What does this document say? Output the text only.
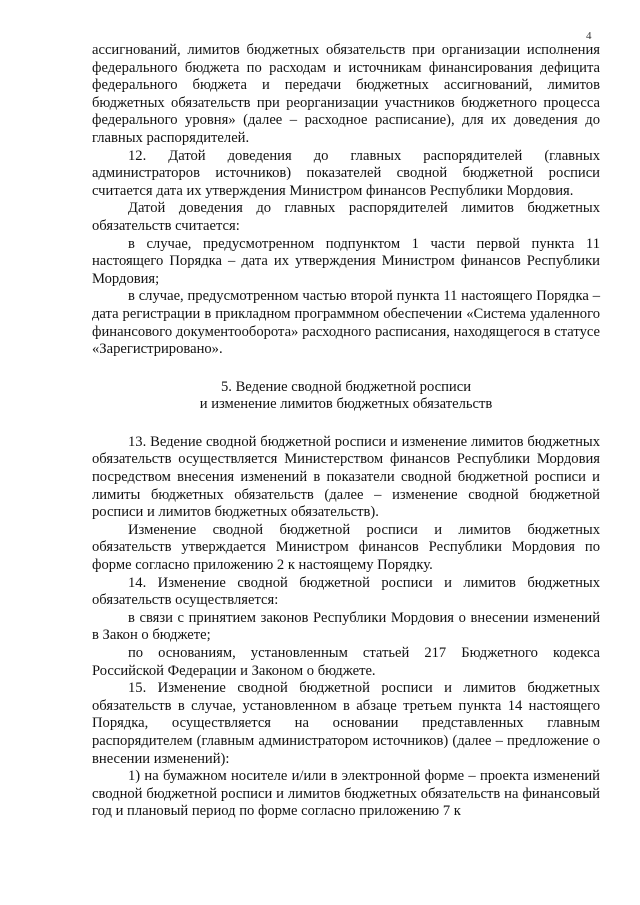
4

ассигнований, лимитов бюджетных обязательств при организации исполнения федерального бюджета по расходам и источникам финансирования дефицита федерального бюджета и передачи бюджетных ассигнований, лимитов бюджетных обязательств при реорганизации участников бюджетного процесса федерального уровня» (далее – расходное расписание), для их доведения до главных распорядителей.

12. Датой доведения до главных распорядителей (главных администраторов источников) показателей сводной бюджетной росписи считается дата их утверждения Министром финансов Республики Мордовия.

Датой доведения до главных распорядителей лимитов бюджетных обязательств считается:

в случае, предусмотренном подпунктом 1 части первой пункта 11 настоящего Порядка – дата их утверждения Министром финансов Республики Мордовия;

в случае, предусмотренном частью второй пункта 11 настоящего Порядка – дата регистрации в прикладном программном обеспечении «Система удаленного финансового документооборота» расходного расписания, находящегося в статусе «Зарегистрировано».

5. Ведение сводной бюджетной росписи
и изменение лимитов бюджетных обязательств

13. Ведение сводной бюджетной росписи и изменение лимитов бюджетных обязательств осуществляется Министерством финансов Республики Мордовия посредством внесения изменений в показатели сводной бюджетной росписи и лимиты бюджетных обязательств (далее – изменение сводной бюджетной росписи и лимитов бюджетных обязательств).

Изменение сводной бюджетной росписи и лимитов бюджетных обязательств утверждается Министром финансов Республики Мордовия по форме согласно приложению 2 к настоящему Порядку.

14. Изменение сводной бюджетной росписи и лимитов бюджетных обязательств осуществляется:

в связи с принятием законов Республики Мордовия о внесении изменений в Закон о бюджете;

по основаниям, установленным статьей 217 Бюджетного кодекса Российской Федерации и Законом о бюджете.

15. Изменение сводной бюджетной росписи и лимитов бюджетных обязательств в случае, установленном в абзаце третьем пункта 14 настоящего Порядка, осуществляется на основании представленных главным распорядителем (главным администратором источников) (далее – предложение о внесении изменений):

1) на бумажном носителе и/или в электронной форме – проекта изменений сводной бюджетной росписи и лимитов бюджетных обязательств на финансовый год и плановый период по форме согласно приложению 7 к
